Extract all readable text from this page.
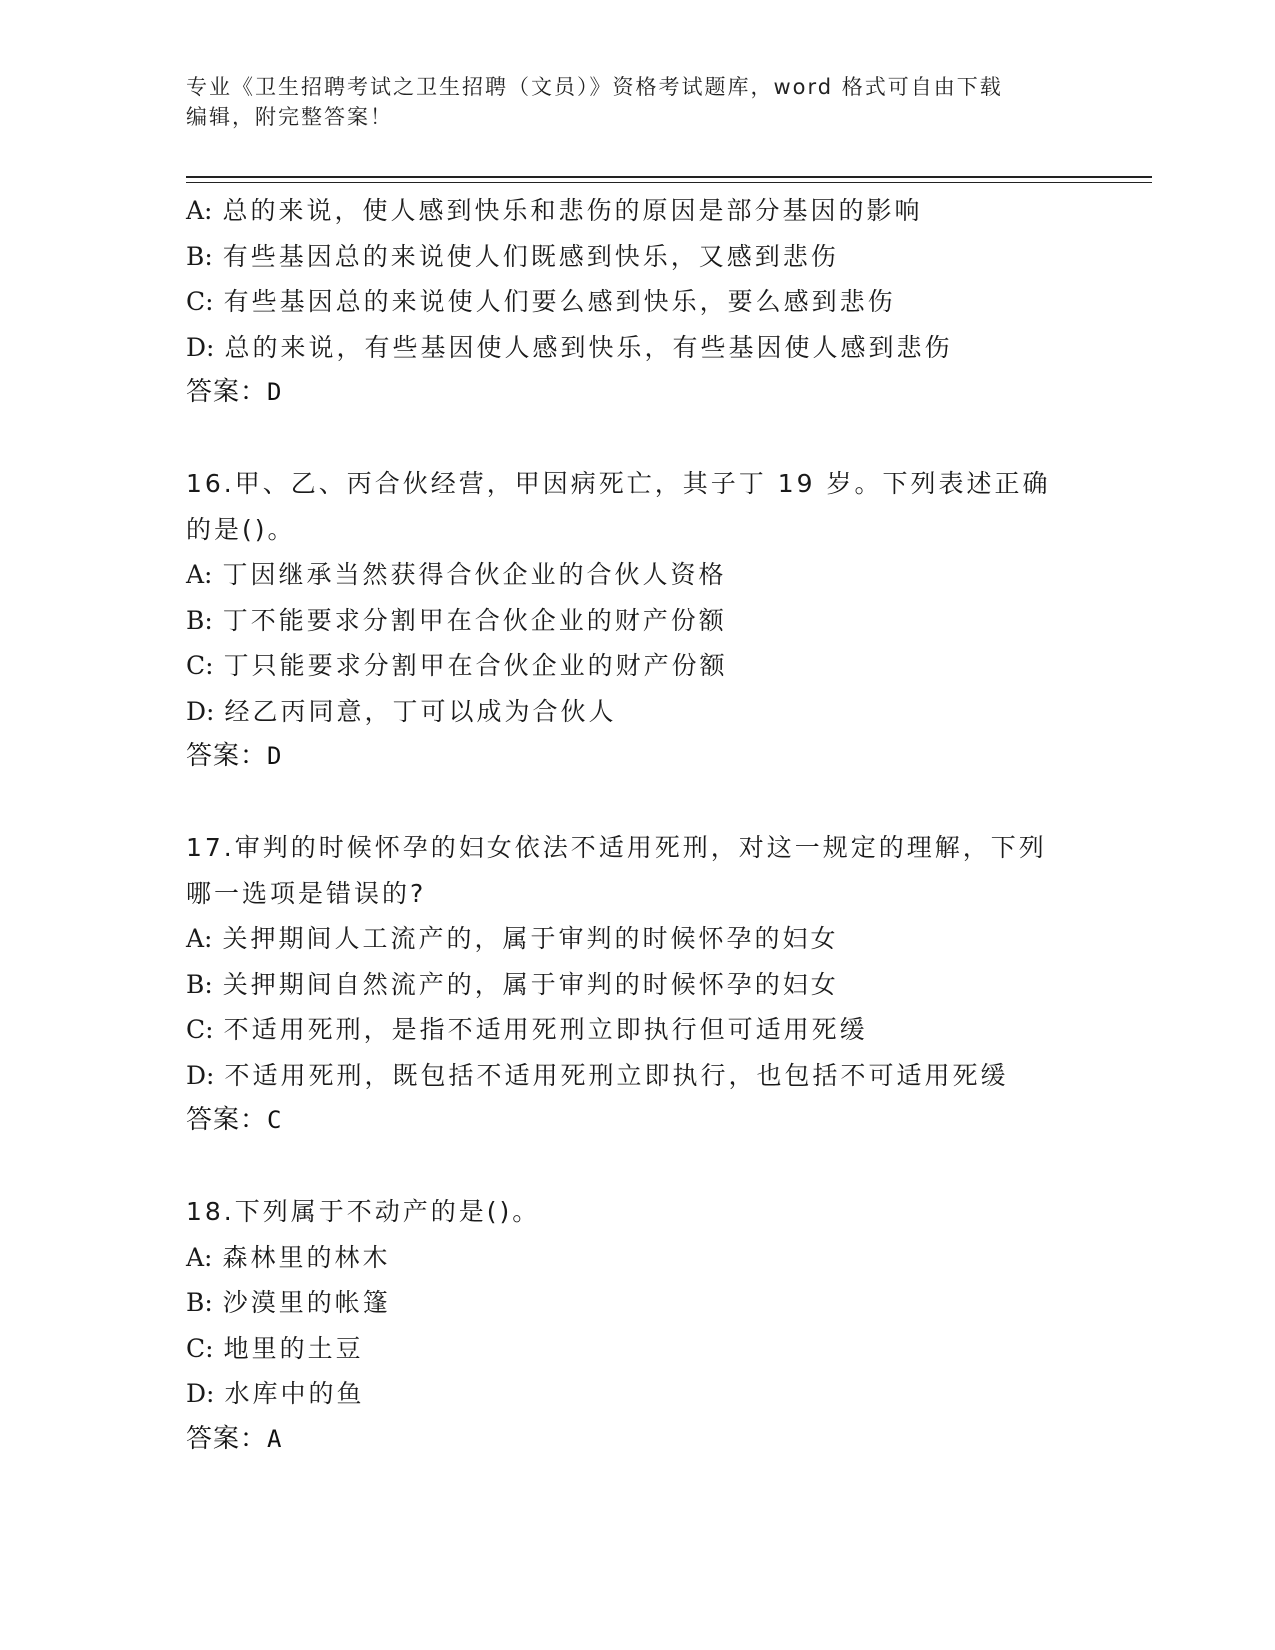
专业《卫生招聘考试之卫生招聘（文员）》资格考试题库，word 格式可自由下载
编辑，附完整答案！
A: 总的来说，使人感到快乐和悲伤的原因是部分基因的影响
B: 有些基因总的来说使人们既感到快乐，又感到悲伤
C: 有些基因总的来说使人们要么感到快乐，要么感到悲伤
D: 总的来说，有些基因使人感到快乐，有些基因使人感到悲伤
答案：D
16.甲、乙、丙合伙经营，甲因病死亡，其子丁 19 岁。下列表述正确
的是()。
A: 丁因继承当然获得合伙企业的合伙人资格
B: 丁不能要求分割甲在合伙企业的财产份额
C: 丁只能要求分割甲在合伙企业的财产份额
D: 经乙丙同意，丁可以成为合伙人
答案：D
17.审判的时候怀孕的妇女依法不适用死刑，对这一规定的理解，下列
哪一选项是错误的?
A: 关押期间人工流产的，属于审判的时候怀孕的妇女
B: 关押期间自然流产的，属于审判的时候怀孕的妇女
C: 不适用死刑，是指不适用死刑立即执行但可适用死缓
D: 不适用死刑，既包括不适用死刑立即执行，也包括不可适用死缓
答案：C
18.下列属于不动产的是()。
A: 森林里的林木
B: 沙漠里的帐篷
C: 地里的土豆
D: 水库中的鱼
答案：A
